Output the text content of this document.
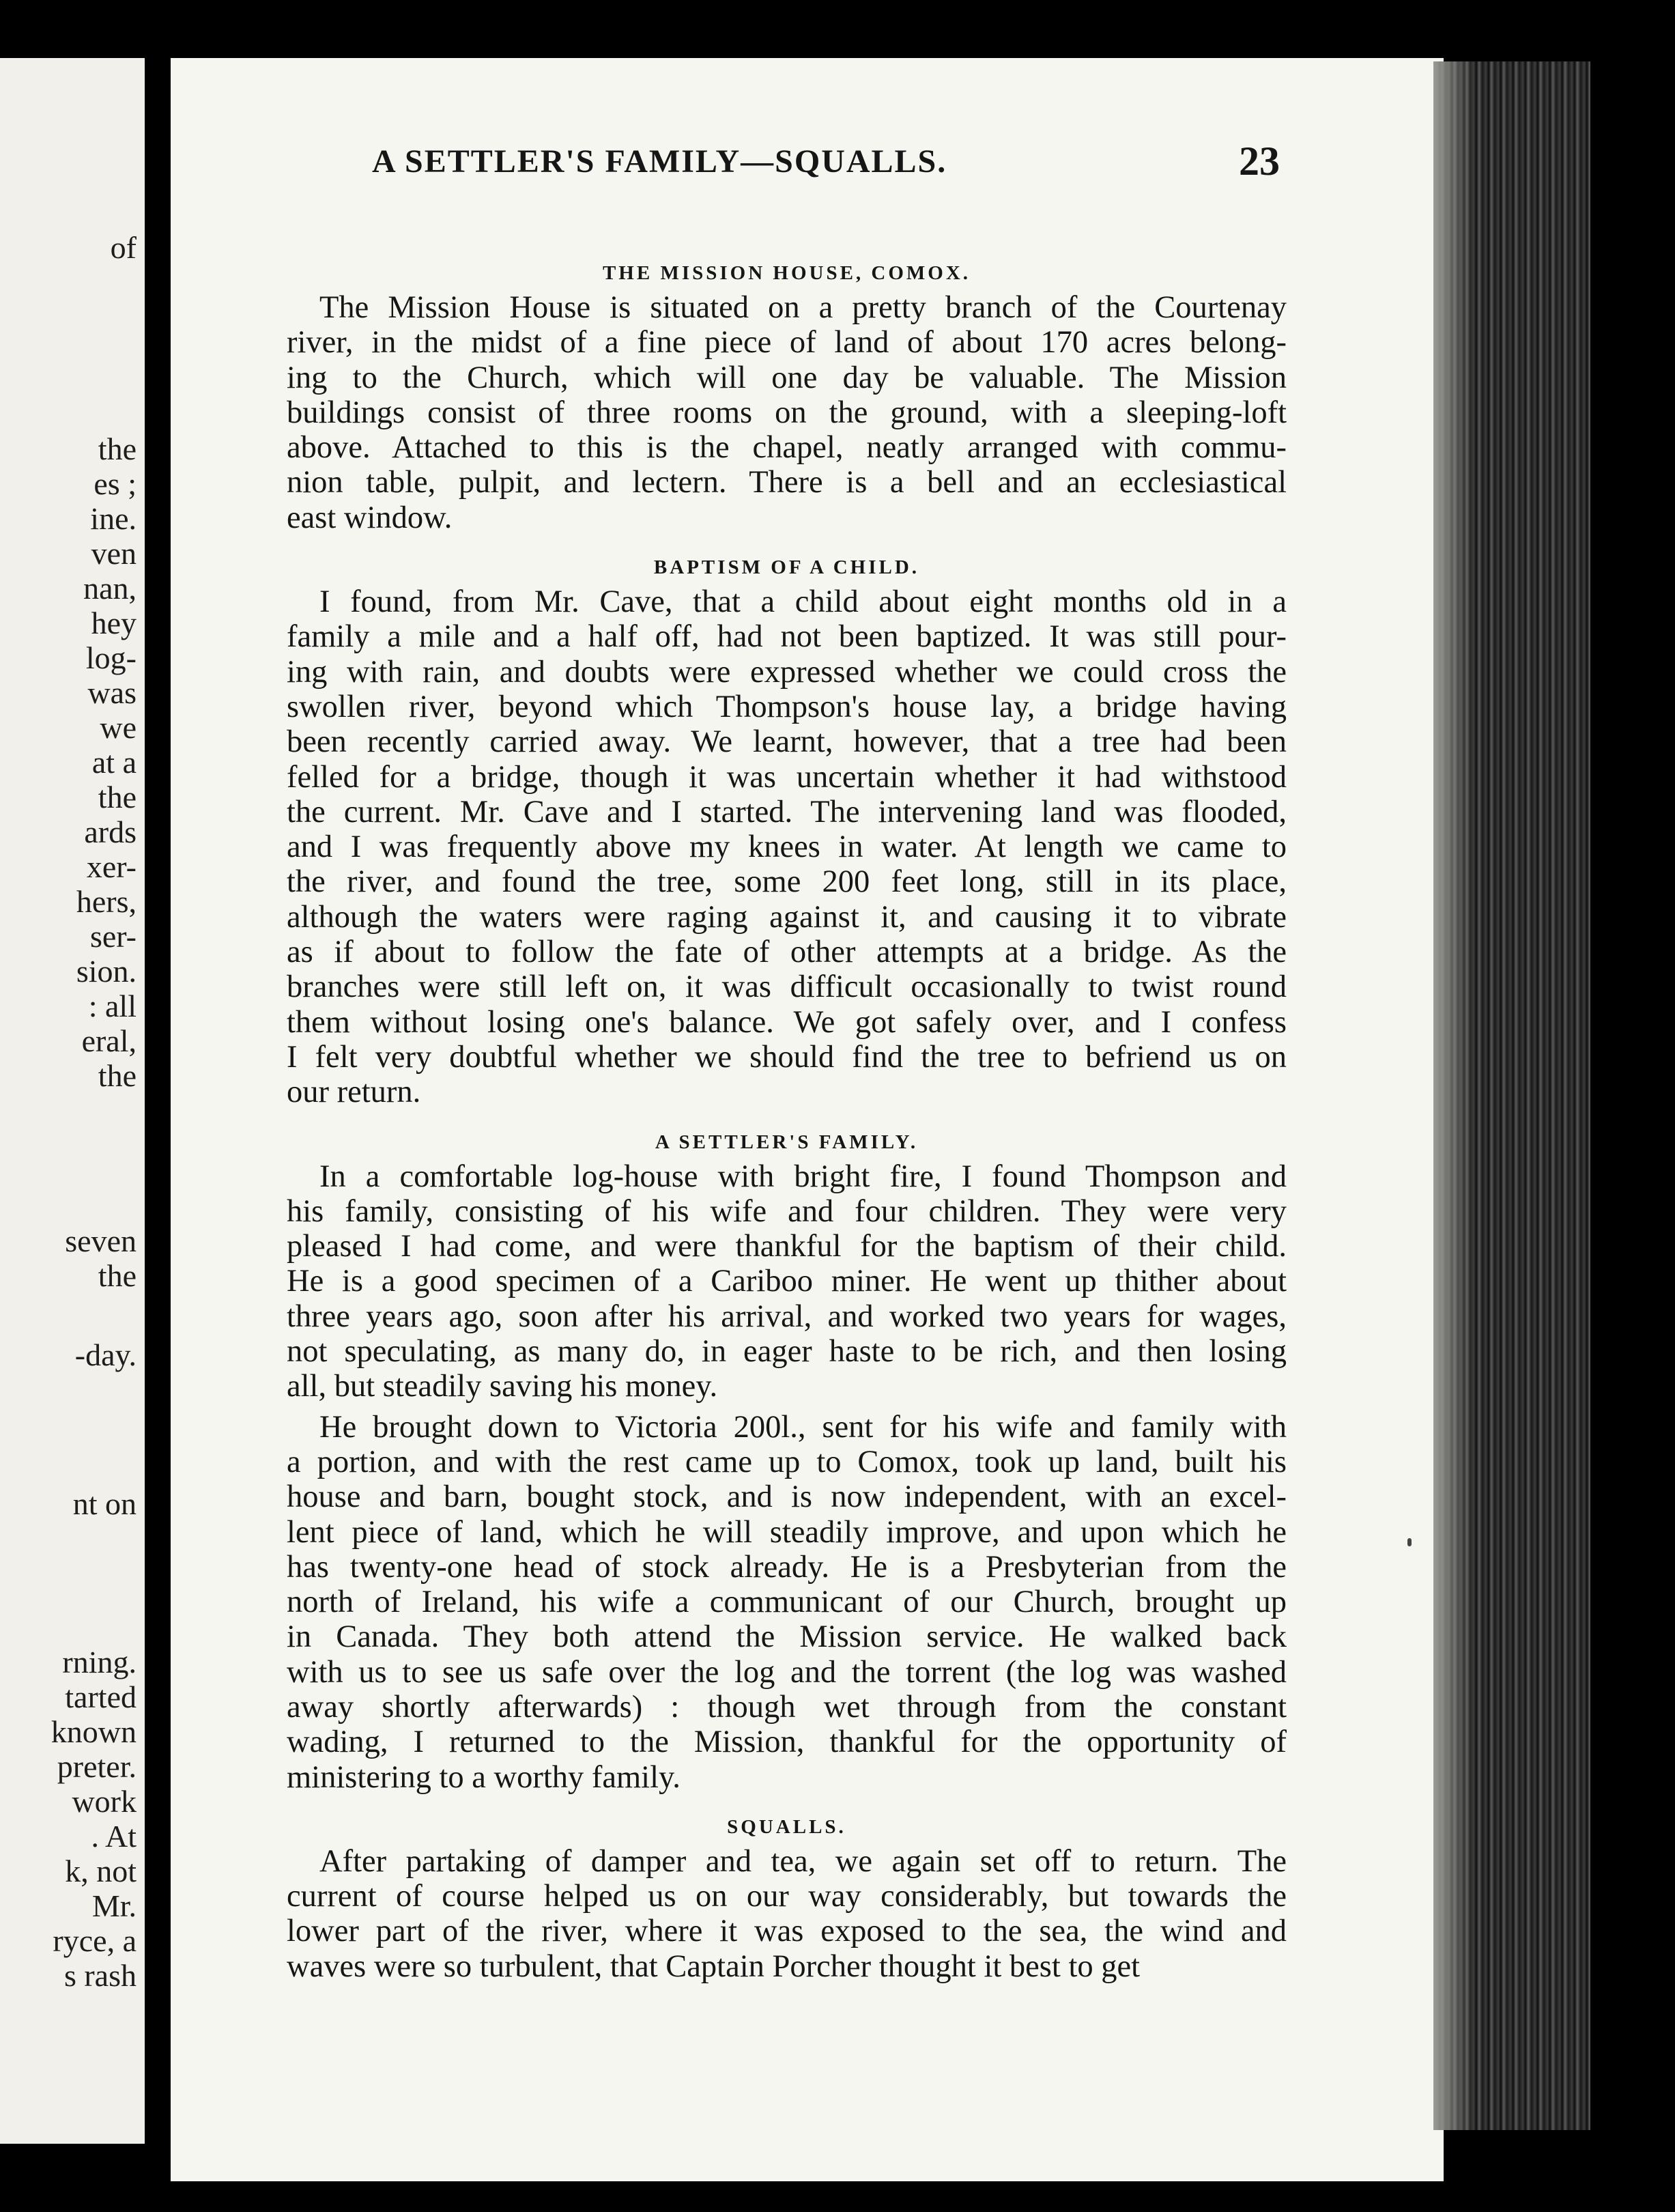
of
the
es ;
ine.
ven
nan,
hey
log-
was
we
at a
the
ards
xer-
hers,
ser-
sion.
: all
eral,
the
seven
the
-day.
nt on
rning.
tarted
known
preter.
work
. At
k, not
Mr.
ryce, a
s rash
A SETTLER'S FAMILY—SQUALLS.	23
THE MISSION HOUSE, COMOX.
The Mission House is situated on a pretty branch of the Courtenay
river, in the midst of a fine piece of land of about 170 acres belong-
ing to the Church, which will one day be valuable. The Mission
buildings consist of three rooms on the ground, with a sleeping-loft
above. Attached to this is the chapel, neatly arranged with commu-
nion table, pulpit, and lectern. There is a bell and an ecclesiastical
east window.
BAPTISM OF A CHILD.
I found, from Mr. Cave, that a child about eight months old in a
family a mile and a half off, had not been baptized. It was still pour-
ing with rain, and doubts were expressed whether we could cross the
swollen river, beyond which Thompson's house lay, a bridge having
been recently carried away. We learnt, however, that a tree had been
felled for a bridge, though it was uncertain whether it had withstood
the current. Mr. Cave and I started. The intervening land was flooded,
and I was frequently above my knees in water. At length we came to
the river, and found the tree, some 200 feet long, still in its place,
although the waters were raging against it, and causing it to vibrate
as if about to follow the fate of other attempts at a bridge. As the
branches were still left on, it was difficult occasionally to twist round
them without losing one's balance. We got safely over, and I confess
I felt very doubtful whether we should find the tree to befriend us on
our return.
A SETTLER'S FAMILY.
In a comfortable log-house with bright fire, I found Thompson and
his family, consisting of his wife and four children. They were very
pleased I had come, and were thankful for the baptism of their child.
He is a good specimen of a Cariboo miner. He went up thither about
three years ago, soon after his arrival, and worked two years for wages,
not speculating, as many do, in eager haste to be rich, and then losing
all, but steadily saving his money.
He brought down to Victoria 200l., sent for his wife and family with
a portion, and with the rest came up to Comox, took up land, built his
house and barn, bought stock, and is now independent, with an excel-
lent piece of land, which he will steadily improve, and upon which he
has twenty-one head of stock already. He is a Presbyterian from the
north of Ireland, his wife a communicant of our Church, brought up
in Canada. They both attend the Mission service. He walked back
with us to see us safe over the log and the torrent (the log was washed
away shortly afterwards) : though wet through from the constant
wading, I returned to the Mission, thankful for the opportunity of
ministering to a worthy family.
SQUALLS.
After partaking of damper and tea, we again set off to return. The
current of course helped us on our way considerably, but towards the
lower part of the river, where it was exposed to the sea, the wind and
waves were so turbulent, that Captain Porcher thought it best to get
